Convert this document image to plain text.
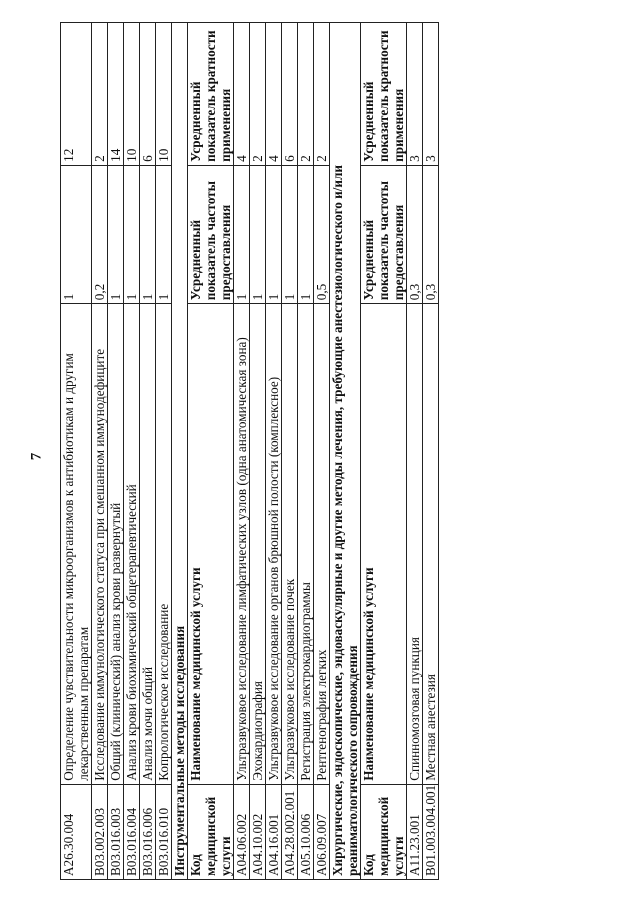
7
A26.30.004	Определение чувствительности микроорганизмов к антибиотикам и другим лекарственным препаратам	1	12
B03.002.003	Исследование иммунологического статуса при смешанном иммунодефиците	0,2	2
B03.016.003	Общий (клинический) анализ крови развернутый	1	14
B03.016.004	Анализ крови биохимический общетерапевтический	1	10
B03.016.006	Анализ мочи общий	1	6
B03.016.010	Копрологическое исследование	1	10
Инструментальные методы исследования			
Код медицинской услуги	Наименование медицинской услуги	Усредненный показатель частоты предоставления	Усредненный показатель кратности применения
A04.06.002	Ультразвуковое исследование лимфатических узлов (одна анатомическая зона)	1	4
A04.10.002	Эхокардиография	1	2
A04.16.001	Ультразвуковое исследование органов брюшной полости (комплексное)	1	4
A04.28.002.001	Ультразвуковое исследование почек	1	6
A05.10.006	Регистрация электрокардиограммы	1	2
A06.09.007	Рентгенография легких	0,5	2
Хирургические, эндоскопические, эндоваскулярные и другие методы лечения, требующие анестезиологического и/или реаниматологического сопровождения			
Код медицинской услуги	Наименование медицинской услуги	Усредненный показатель частоты предоставления	Усредненный показатель кратности применения
A11.23.001	Спинномозговая пункция	0,3	3
B01.003.004.001	Местная анестезия	0,3	3
